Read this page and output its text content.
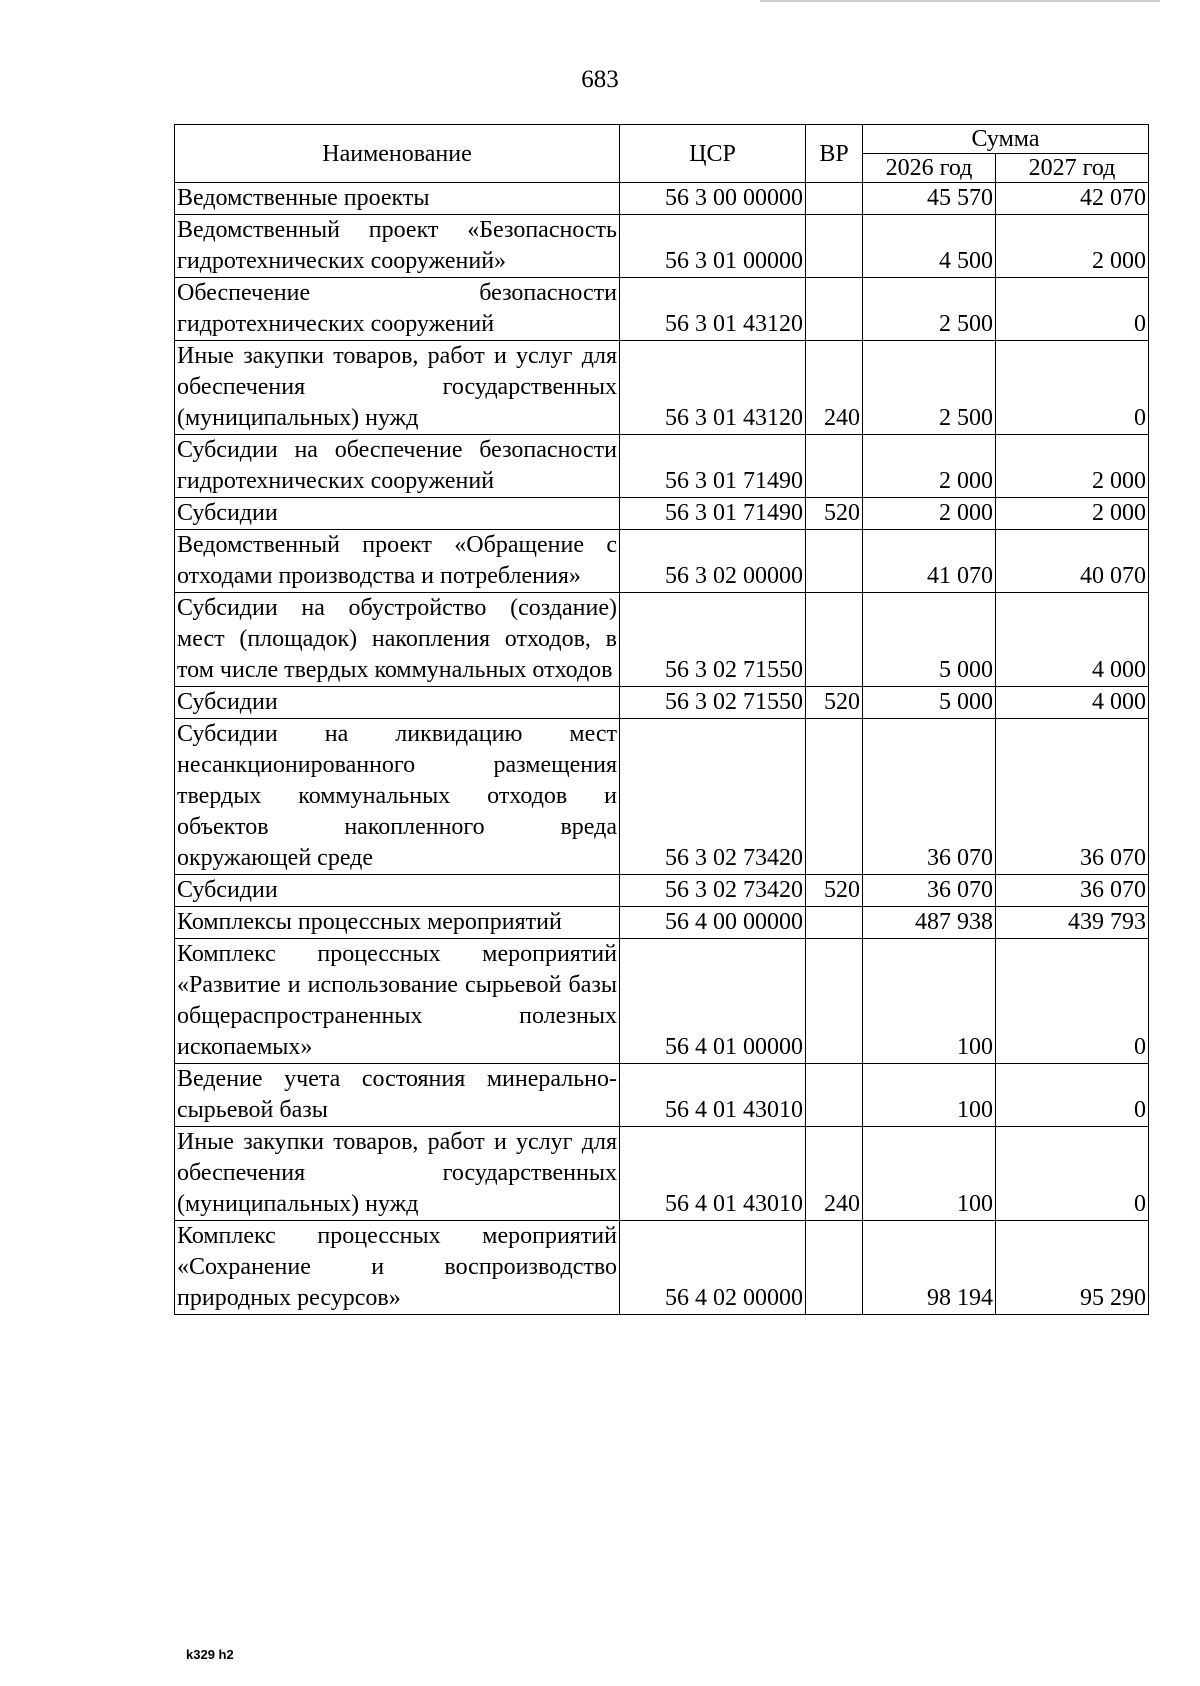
683
Наименование	ЦСР	ВР	Сумма	
			2026 год	2027 год
Ведомственные проекты	56 3 00 00000		45 570	42 070
Ведомственный проект «Безопасность гидротехнических сооружений»	56 3 01 00000		4 500	2 000
Обеспечение безопасности гидротехнических сооружений	56 3 01 43120		2 500	0
Иные закупки товаров, работ и услуг для обеспечения государственных (муниципальных) нужд	56 3 01 43120	240	2 500	0
Субсидии на обеспечение безопасности гидротехнических сооружений	56 3 01 71490		2 000	2 000
Субсидии	56 3 01 71490	520	2 000	2 000
Ведомственный проект «Обращение с отходами производства и потребления»	56 3 02 00000		41 070	40 070
Субсидии на обустройство (создание) мест (площадок) накопления отходов, в том числе твердых коммунальных отходов	56 3 02 71550		5 000	4 000
Субсидии	56 3 02 71550	520	5 000	4 000
Субсидии на ликвидацию мест несанкционированного размещения твердых коммунальных отходов и объектов накопленного вреда окружающей среде	56 3 02 73420		36 070	36 070
Субсидии	56 3 02 73420	520	36 070	36 070
Комплексы процессных мероприятий	56 4 00 00000		487 938	439 793
Комплекс процессных мероприятий «Развитие и использование сырьевой базы общераспространенных полезных ископаемых»	56 4 01 00000		100	0
Ведение учета состояния минерально-сырьевой базы	56 4 01 43010		100	0
Иные закупки товаров, работ и услуг для обеспечения государственных (муниципальных) нужд	56 4 01 43010	240	100	0
Комплекс процессных мероприятий «Сохранение и воспроизводство природных ресурсов»	56 4 02 00000		98 194	95 290
k329 h2
